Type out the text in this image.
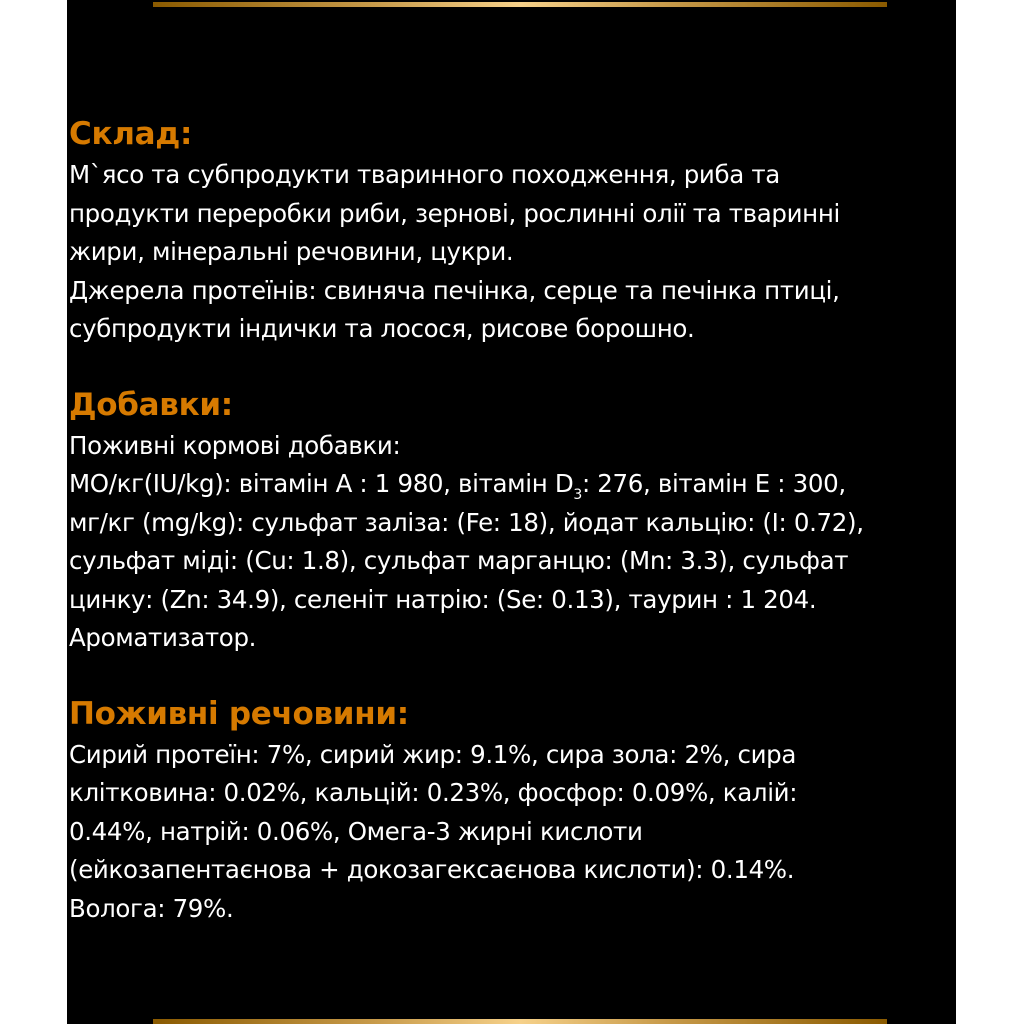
Склад:

М`ясо та субпродукти тваринного походження, риба та

продукти переробки риби, зернові, рослинні олії та тваринні

жири, мінеральні речовини, цукри.

Джерела протеїнів: свиняча печінка, серце та печінка птиці,

субпродукти індички та лосося, рисове борошно.

Добавки:

Поживні кормові добавки:

МО/кг(IU/kg): вітамін А : 1 980, вітамін $D_3$: 276, вітамін Е : 300,

мг/кг (mg/kg): сульфат заліза: (Fe: 18), йодат кальцію: (I: 0.72),

сульфат міді: (Cu: 1.8), сульфат марганцю: (Mn: 3.3), сульфат

цинку: (Zn: 34.9), селеніт натрію: (Se: 0.13), таурин : 1 204.

Ароматизатор.

Поживні речовини:

Сирий протеїн: 7%, сирий жир: 9.1%, сира зола: 2%, сира

клітковина: 0.02%, кальцій: 0.23%, фосфор: 0.09%, калій:

0.44%, натрій: 0.06%, Омега-3 жирні кислоти

(ейкозапентаєнова + докозагексаєнова кислоти): 0.14%.

Волога: 79%.
